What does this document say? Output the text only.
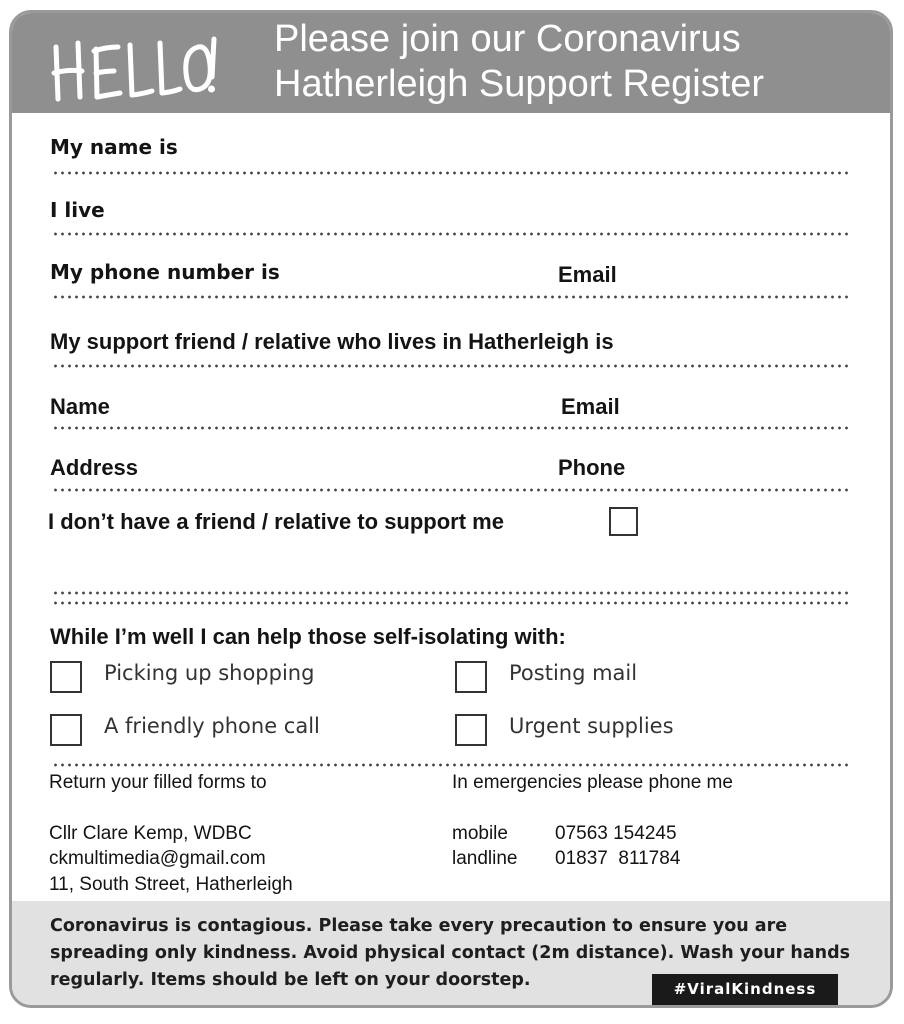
Please join our Coronavirus
Hatherleigh Support Register
My name is
I live
My phone number is	Email
My support friend / relative who lives in Hatherleigh is
Name	Email
Address	Phone
I don’t have a friend / relative to support me
While I’m well I can help those self-isolating with:
Picking up shopping	Posting mail
A friendly phone call	Urgent supplies
Return your filled forms to	In emergencies please phone me
Cllr Clare Kemp, WDBC
ckmultimedia@gmail.com
11, South Street, Hatherleigh
mobile 07563 154245
landline 01837  811784
Coronavirus is contagious. Please take every precaution to ensure you are spreading only kindness. Avoid physical contact (2m distance). Wash your hands regularly. Items should be left on your doorstep.	#ViralKindness
